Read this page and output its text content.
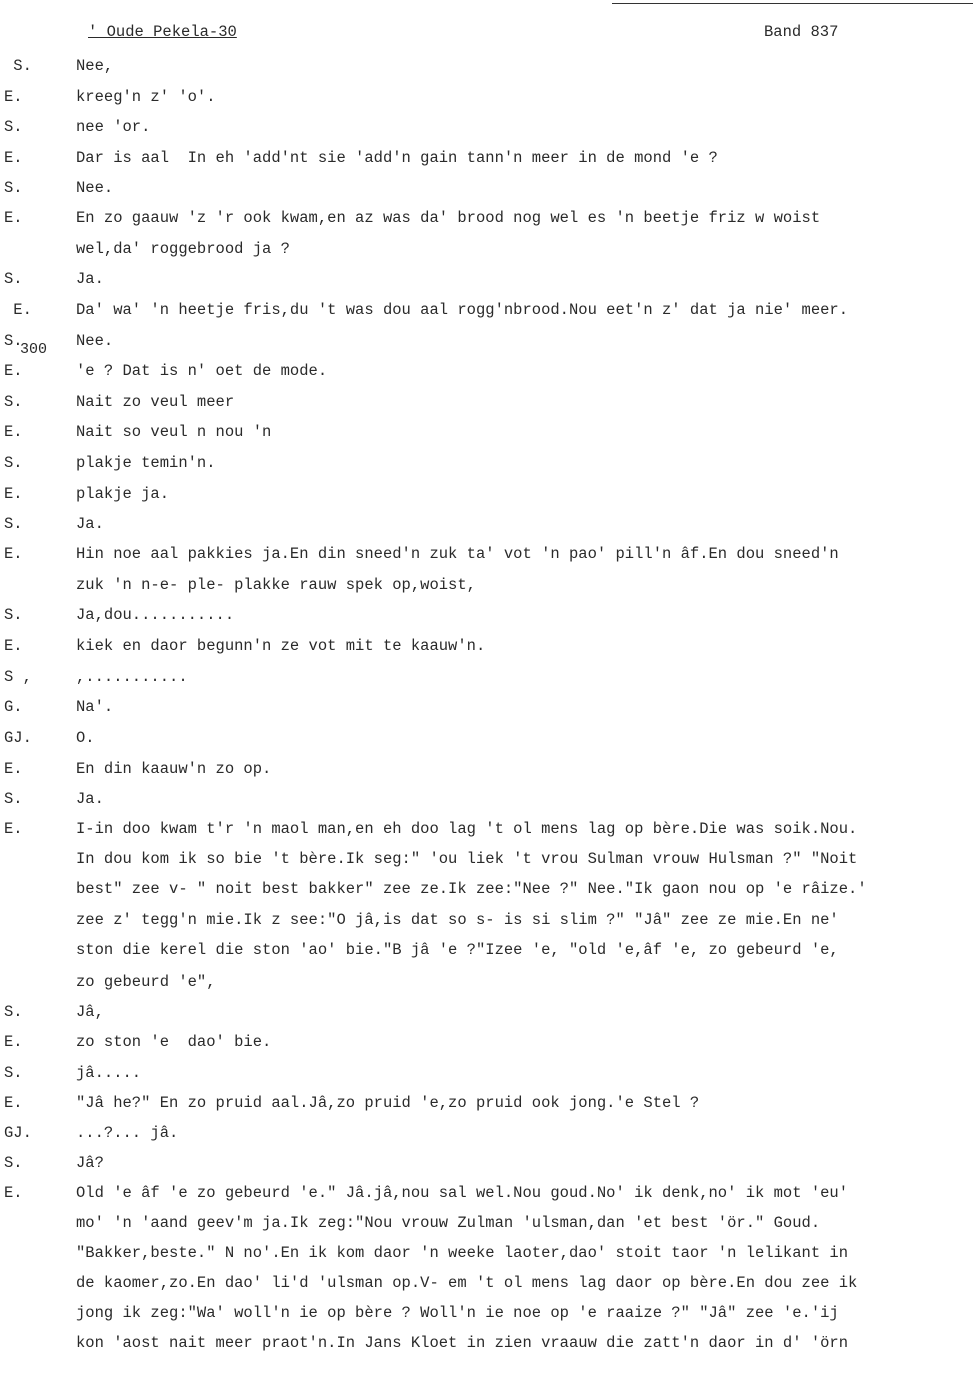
' Oude Pekela-30	Band 837
300
S.	Nee,
E.	kreeg'n z' 'o'.
S.	nee 'or.
E.	Dar is aal  In eh 'add'nt sie 'add'n gain tann'n meer in de mond 'e ?
S.	Nee.
E.	En zo gaauw 'z 'r ook kwam,en az was da' brood nog wel es 'n beetje friz w woist
wel,da' roggebrood ja ?
S.	Ja.
E.	Da' wa' 'n heetje fris,du 't was dou aal rogg'nbrood.Nou eet'n z' dat ja nie' meer.
S.	Nee.
E.	'e ? Dat is n' oet de mode.
S.	Nait zo veul meer
E.	Nait so veul n nou 'n
S.	plakje temin'n.
E.	plakje ja.
S.	Ja.
E.	Hin noe aal pakkies ja.En din sneed'n zuk ta' vot 'n pao' pill'n âf.En dou sneed'n
zuk 'n n-e- ple- plakke rauw spek op,woist,
S.	Ja,dou...........
E.	kiek en daor begunn'n ze vot mit te kaauw'n.
S ,	,...........
G.	Na'.
GJ.	O.
E.	En din kaauw'n zo op.
S.	Ja.
E.	I-in doo kwam t'r 'n maol man,en eh doo lag 't ol mens lag op bère.Die was soik.Nou.
In dou kom ik so bie 't bère.Ik seg:" 'ou liek 't vrou Sulman vrouw Hulsman ?" "Noit
best" zee v- " noit best bakker" zee ze.Ik zee:"Nee ?" Nee."Ik gaon nou op 'e râize.'
zee z' tegg'n mie.Ik z see:"O jâ,is dat so s- is si slim ?" "Jâ" zee ze mie.En ne'
ston die kerel die ston 'ao' bie."B jâ 'e ?"Izee 'e, "old 'e,âf 'e, zo gebeurd 'e,
zo gebeurd 'e",
S.	Jâ,
E.	zo ston 'e  dao' bie.
S.	jâ.....
E.	"Jâ he?" En zo pruid aal.Jâ,zo pruid 'e,zo pruid ook jong.'e Stel ?
GJ.	...?... jâ.
S.	Jâ?
E.	Old 'e âf 'e zo gebeurd 'e." Jâ.jâ,nou sal wel.Nou goud.No' ik denk,no' ik mot 'eu'
mo' 'n 'aand geev'm ja.Ik zeg:"Nou vrouw Zulman 'ulsman,dan 'et best 'ör." Goud.
"Bakker,beste." N no'.En ik kom daor 'n weeke laoter,dao' stoit taor 'n lelikant in
de kaomer,zo.En dao' li'd 'ulsman op.V- em 't ol mens lag daor op bère.En dou zee ik
jong ik zeg:"Wa' woll'n ie op bère ? Woll'n ie noe op 'e raaize ?" "Jâ" zee 'e.'ij
kon 'aost nait meer praot'n.In Jans Kloet in zien vraauw die zatt'n daor in d' 'örn
